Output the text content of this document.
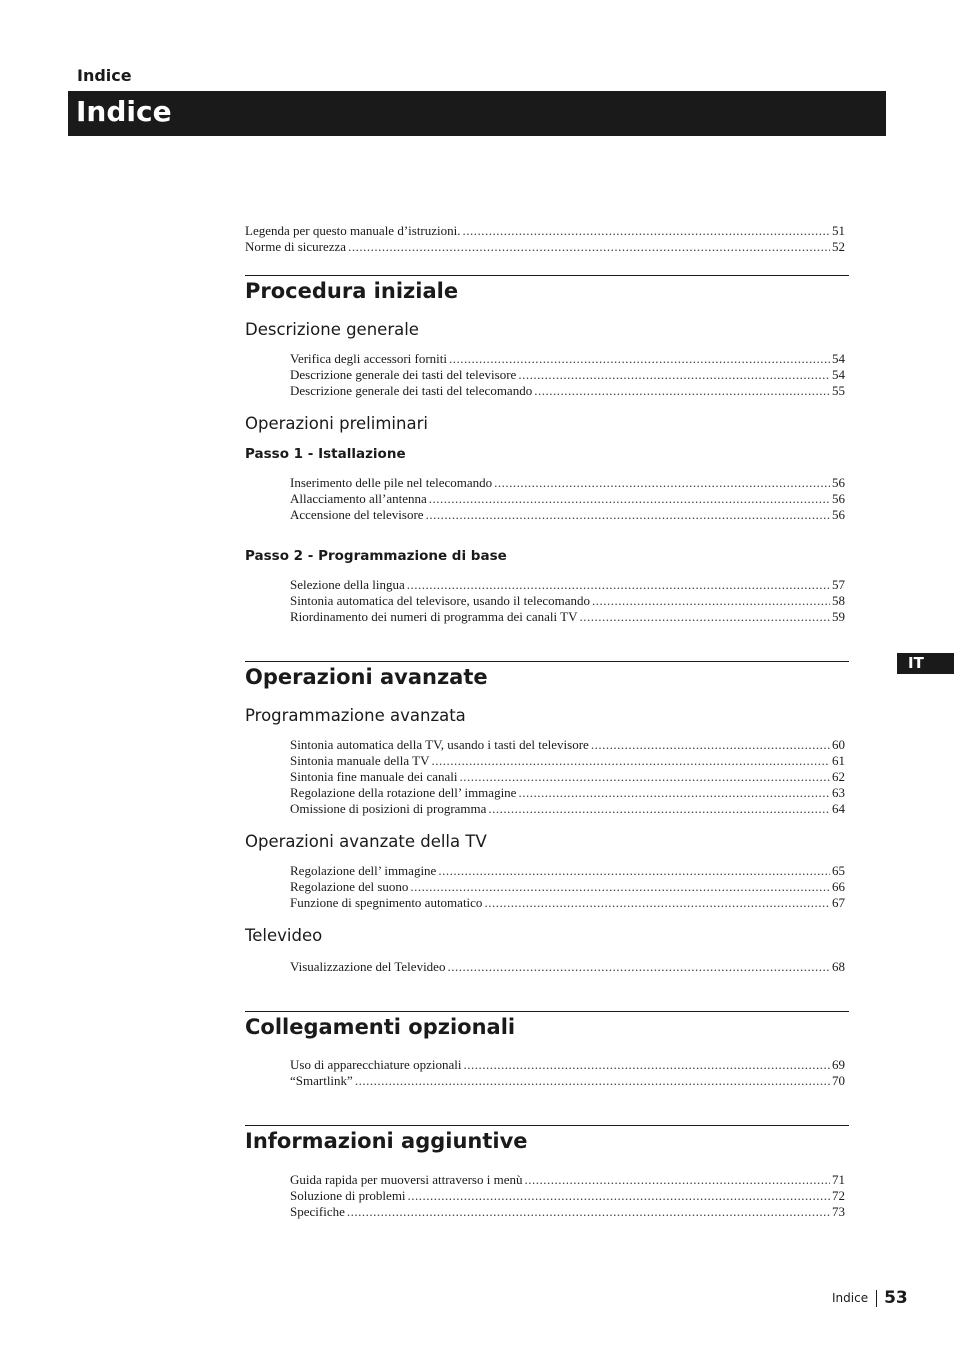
Indice
Indice
IT
Legenda per questo manuale d’istruzioni. .....	51
Norme di sicurezza .....	52
Procedura iniziale
Descrizione generale
Verifica degli accessori forniti .....	54
Descrizione generale dei tasti del televisore .....	54
Descrizione generale dei tasti del telecomando .....	55
Operazioni preliminari
Passo 1 - Istallazione
Inserimento delle pile nel telecomando .....	56
Allacciamento all’antenna .....	56
Accensione del televisore .....	56
Passo 2 - Programmazione di base
Selezione della lingua .....	57
Sintonia automatica del televisore, usando il telecomando .....	58
Riordinamento dei numeri di programma dei canali TV .....	59
Operazioni avanzate
Programmazione avanzata
Sintonia automatica della TV, usando i tasti del televisore .....	60
Sintonia manuale della TV .....	61
Sintonia fine manuale dei canali .....	62
Regolazione della rotazione dell’ immagine .....	63
Omissione di posizioni di programma .....	64
Operazioni avanzate della TV
Regolazione dell’ immagine .....	65
Regolazione del suono .....	66
Funzione di spegnimento automatico .....	67
Televideo
Visualizzazione del Televideo .....	68
Collegamenti opzionali
Uso di apparecchiature opzionali .....	69
“Smartlink” .....	70
Informazioni aggiuntive
Guida rapida per muoversi attraverso i menù .....	71
Soluzione di problemi .....	72
Specifiche .....	73
Indice 53
